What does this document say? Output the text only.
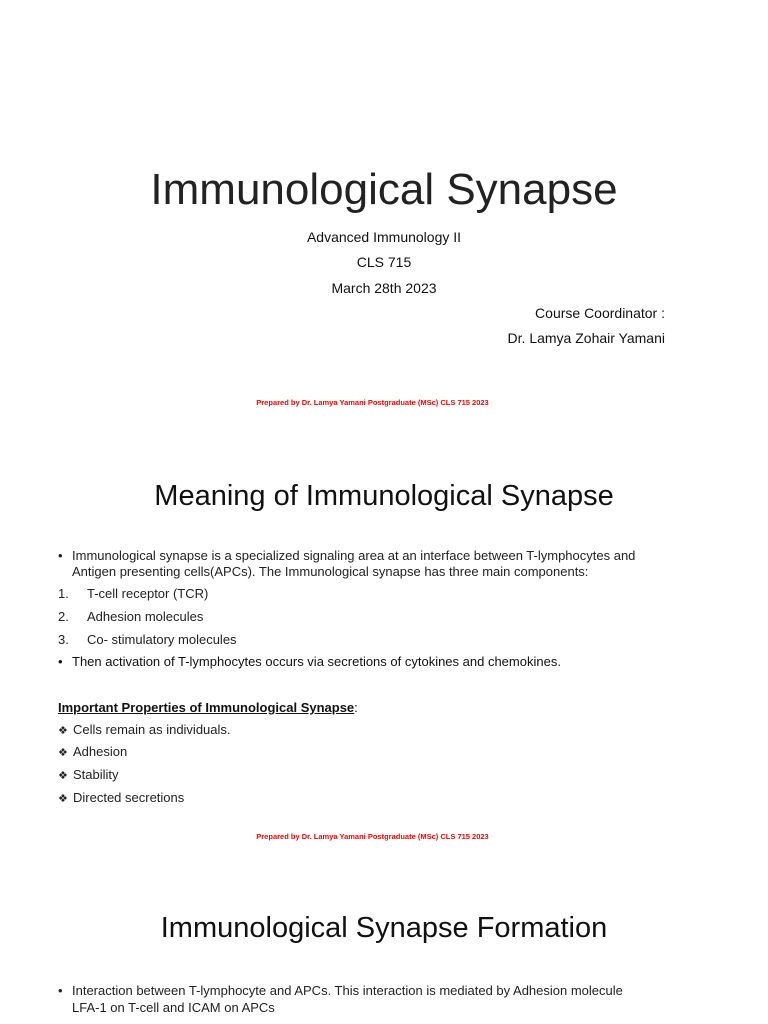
Immunological Synapse
Advanced Immunology II
CLS 715
March 28th 2023
Course Coordinator :
Dr. Lamya Zohair Yamani
Prepared by Dr. Lamya Yamani Postgraduate (MSc) CLS 715 2023
Meaning of Immunological Synapse
• Immunological synapse is a specialized signaling area at an interface between T-lymphocytes and
Antigen presenting cells(APCs). The Immunological synapse has three main components:
1. T-cell receptor (TCR)
2. Adhesion molecules
3. Co- stimulatory molecules
• Then activation of T-lymphocytes occurs via secretions of cytokines and chemokines.
Important Properties of Immunological Synapse:
❖ Cells remain as individuals.
❖ Adhesion
❖ Stability
❖ Directed secretions
Prepared by Dr. Lamya Yamani Postgraduate (MSc) CLS 715 2023
Immunological Synapse Formation
• Interaction between T-lymphocyte and APCs. This interaction is mediated by Adhesion molecule
LFA-1 on T-cell and ICAM on APCs
